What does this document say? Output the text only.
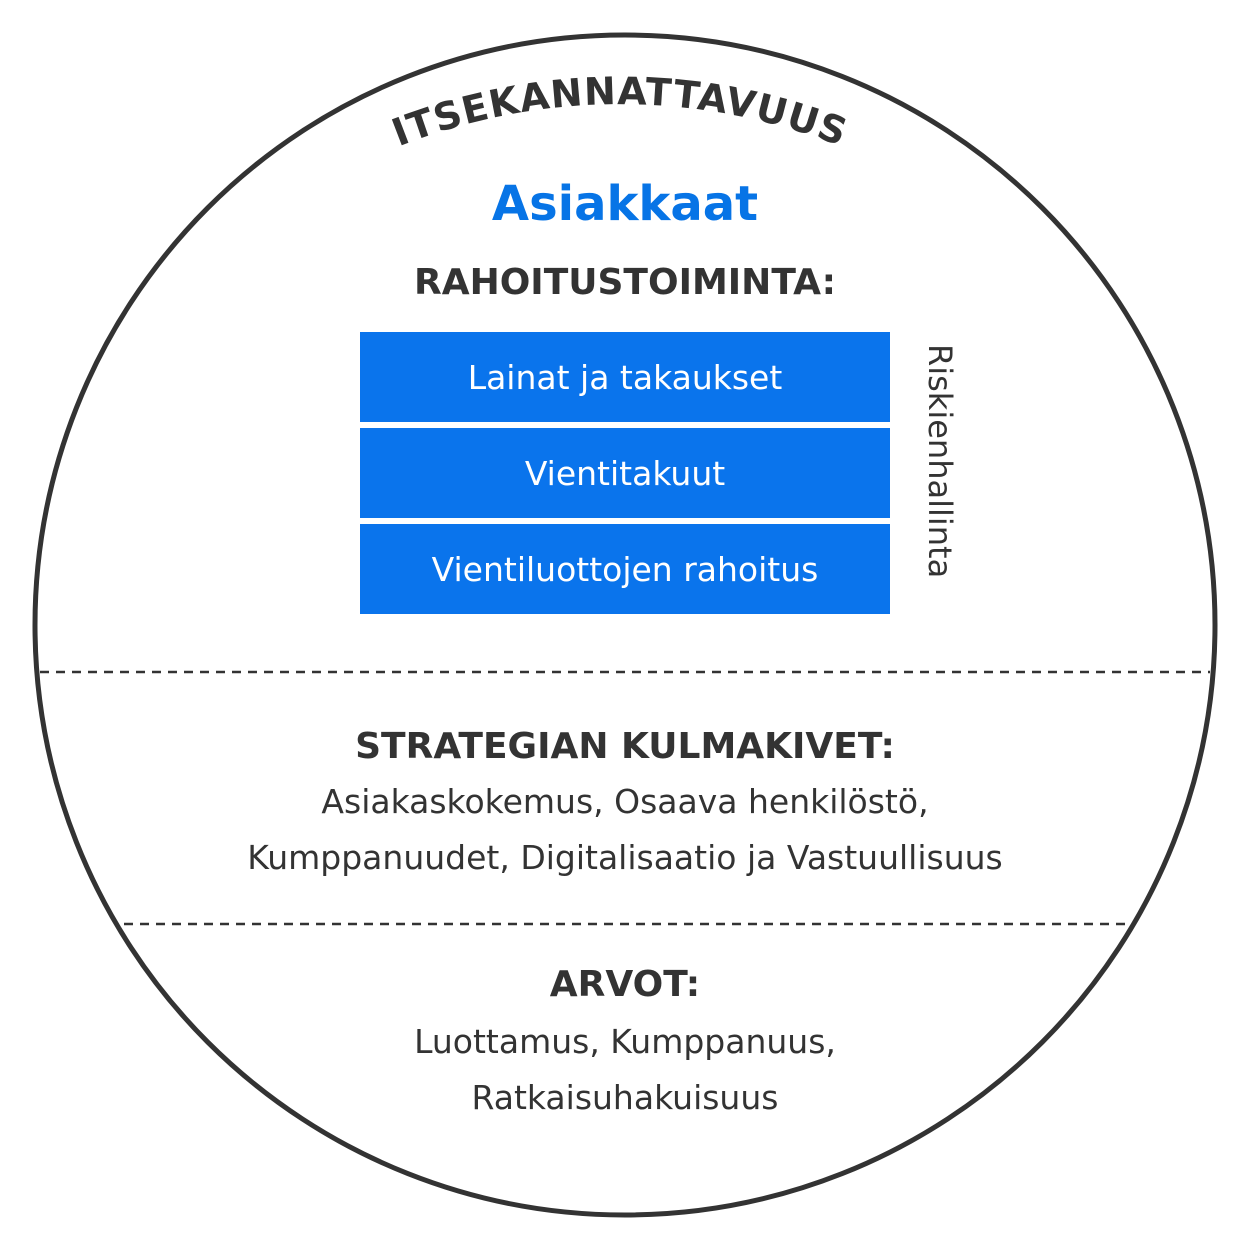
ITSEKANNATTAVUUS
Asiakkaat
RAHOITUSTOIMINTA:
Lainat ja takaukset
Vientitakuut
Vientiluottojen rahoitus	Riskienhallinta
STRATEGIAN KULMAKIVET:
Asiakaskokemus, Osaava henkilöstö,
Kumppanuudet, Digitalisaatio ja Vastuullisuus
ARVOT:
Luottamus, Kumppanuus,
Ratkaisuhakuisuus
